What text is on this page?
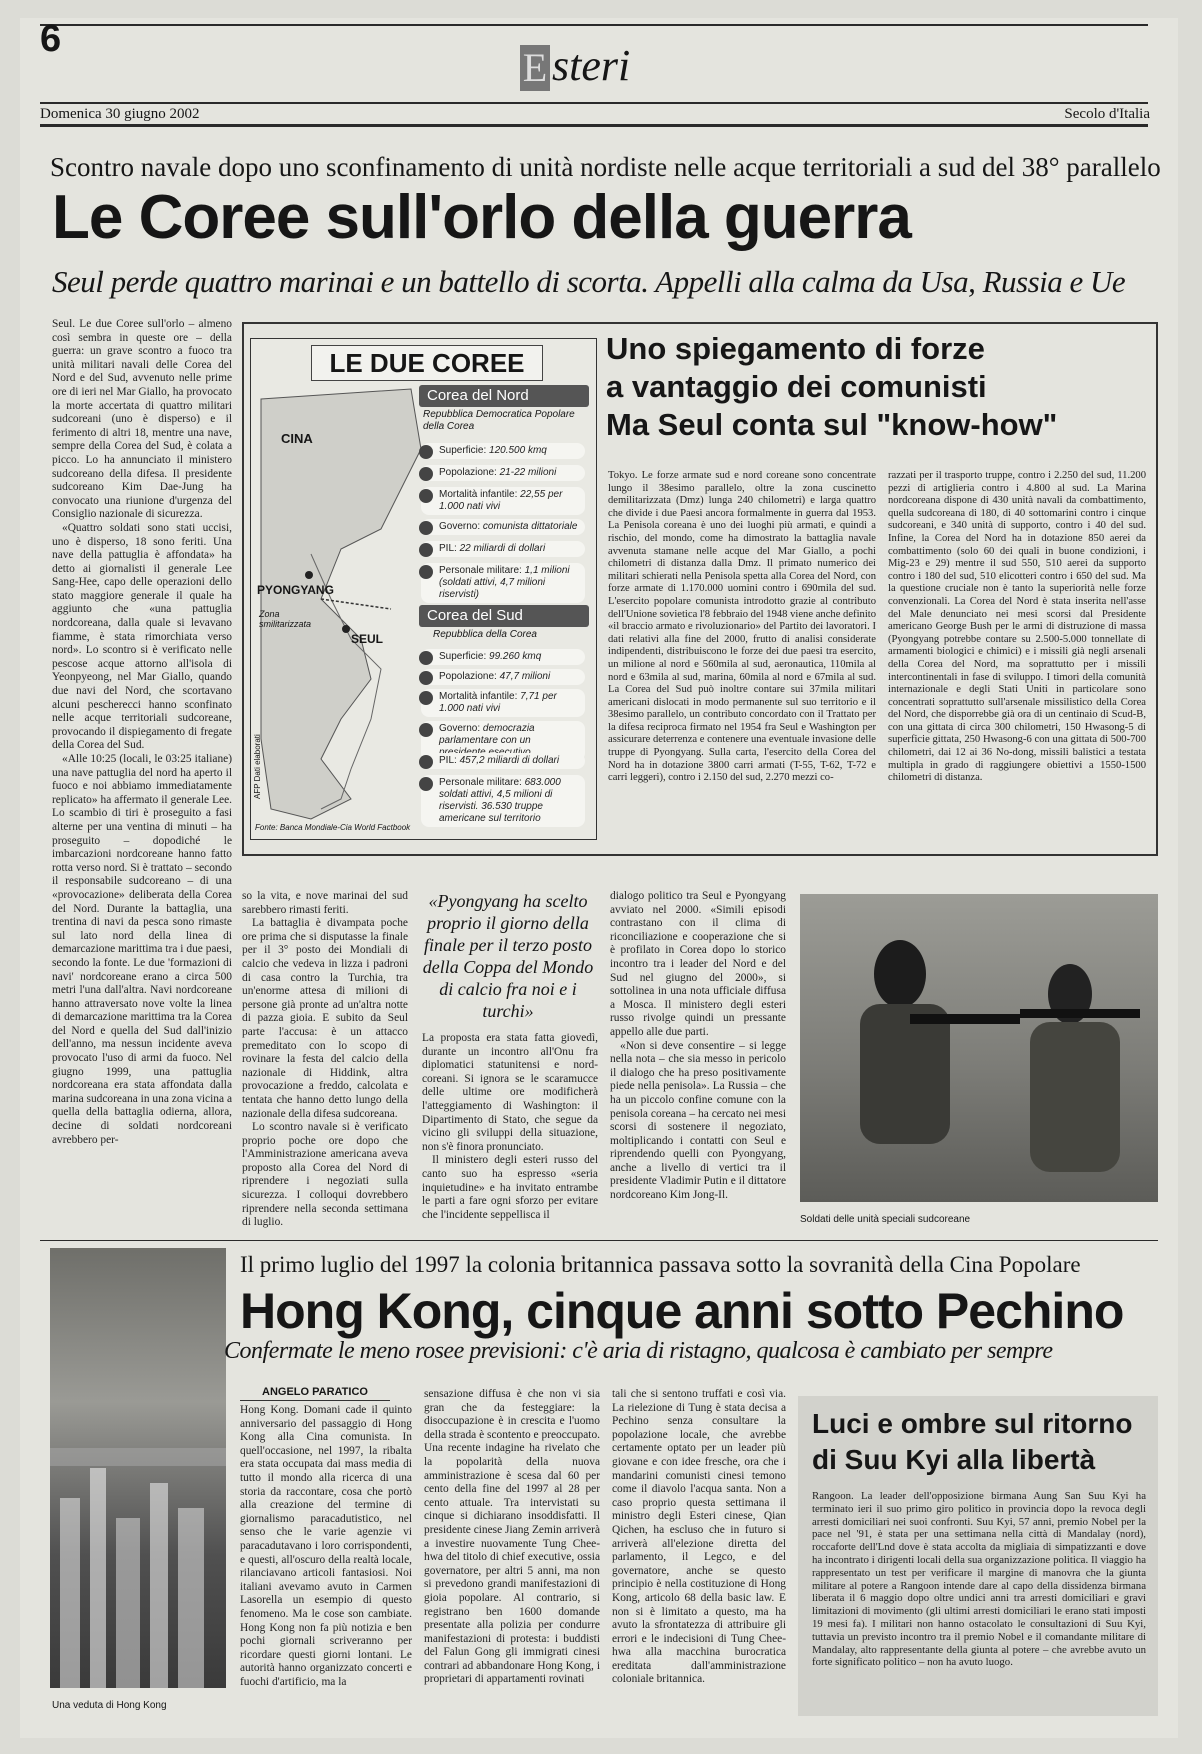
6
E steri
Domenica 30 giugno 2002	Secolo d'Italia
Scontro navale dopo uno sconfinamento di unità nordiste nelle acque territoriali a sud del 38° parallelo
Le Coree sull'orlo della guerra
Seul perde quattro marinai e un battello di scorta. Appelli alla calma da Usa, Russia e Ue

Seul. Le due Coree sull'orlo – almeno così sembra in queste ore – della guerra: un grave scontro a fuoco tra unità militari navali delle Corea del Nord e del Sud, avvenuto nelle prime ore di ieri nel Mar Giallo, ha provocato la morte accertata di quattro militari sudcoreani (uno è disperso) e il ferimento di altri 18, mentre una nave, sempre della Corea del Sud, è colata a picco. Lo ha annunciato il ministero sudcoreano della difesa. Il presidente sudcoreano Kim Dae-Jung ha convocato una riunione d'urgenza del Consiglio nazionale di sicurezza.

«Quattro soldati sono stati uccisi, uno è disperso, 18 sono feriti. Una nave della pattuglia è affondata» ha detto ai giornalisti il generale Lee Sang-Hee, capo delle operazioni dello stato maggiore generale il quale ha aggiunto che «una pattuglia nordcoreana, dalla quale si levavano fiamme, è stata rimorchiata verso nord». Lo scontro si è verificato nelle pescose acque attorno all'isola di Yeonpyeong, nel Mar Giallo, quando due navi del Nord, che scortavano alcuni pescherecci hanno sconfinato nelle acque territoriali sudcoreane, provocando il dispiegamento di fregate della Corea del Sud.

«Alle 10:25 (locali, le 03:25 italiane) una nave pattuglia del nord ha aperto il fuoco e noi abbiamo immediatamente replicato» ha affermato il generale Lee. Lo scambio di tiri è proseguito a fasi alterne per una ventina di minuti – ha proseguito – dopodiché le imbarcazioni nordcoreane hanno fatto rotta verso nord. Si è trattato – secondo il responsabile sudcoreano – di una «provocazione» deliberata della Corea del Nord. Durante la battaglia, una trentina di navi da pesca sono rimaste sul lato nord della linea di demarcazione marittima tra i due paesi, secondo la fonte. Le due 'formazioni di navi' nordcoreane erano a circa 500 metri l'una dall'altra. Navi nordcoreane hanno attraversato nove volte la linea di demarcazione marittima tra la Corea del Nord e quella del Sud dall'inizio dell'anno, ma nessun incidente aveva provocato l'uso di armi da fuoco. Nel giugno 1999, una pattuglia nordcoreana era stata affondata dalla marina sudcoreana in una zona vicina a quella della battaglia odierna, allora, decine di soldati nordcoreani avrebbero per-

LE DUE COREE
CINA
PYONGYANG
SEUL
Zona smilitarizzata
AFP Dati elaborati
Fonte: Banca Mondiale-Cia World Factbook
Corea del Nord
Repubblica Democratica Popolare della Corea
Superficie: 120.500 kmq
Popolazione: 21-22 milioni
Mortalità infantile: 22,55 per 1.000 nati vivi
Governo: comunista dittatoriale
PIL: 22 miliardi di dollari
Personale militare: 1,1 milioni (soldati attivi, 4,7 milioni riservisti)
Corea del Sud
Repubblica della Corea
Superficie: 99.260 kmq
Popolazione: 47,7 milioni
Mortalità infantile: 7,71 per 1.000 nati vivi
Governo: democrazia parlamentare con un
PIL: 457,2 miliardi di dollari
Personale militare: 683.000 soldati attivi, 4,5 milioni di riservisti. 36.530 truppe americane sul territorio
Uno spiegamento di forze
a vantaggio dei comunisti
Ma Seul conta sul "know-how"

Tokyo. Le forze armate sud e nord coreane sono concentrate lungo il 38esimo parallelo, oltre la zona cuscinetto demilitarizzata (Dmz) lunga 240 chilometri) e larga quattro che divide i due Paesi ancora formalmente in guerra dal 1953. La Penisola coreana è uno dei luoghi più armati, e quindi a rischio, del mondo, come ha dimostrato la battaglia navale avvenuta stamane nelle acque del Mar Giallo, a pochi chilometri di distanza dalla Dmz. Il primato numerico dei militari schierati nella Penisola spetta alla Corea del Nord, con forze armate di 1.170.000 uomini contro i 690mila del sud. L'esercito popolare comunista introdotto grazie al contributo dell'Unione sovietica l'8 febbraio del 1948 viene anche definito «il braccio armato e rivoluzionario» del Partito dei lavoratori. I dati relativi alla fine del 2000, frutto di analisi considerate indipendenti, distribuiscono le forze dei due paesi tra esercito, un milione al nord e 560mila al sud, aeronautica, 110mila al nord e 63mila al sud, marina, 60mila al nord e 67mila al sud. La Corea del Sud può inoltre contare sui 37mila militari americani dislocati in modo permanente sul suo territorio e il 38esimo parallelo, un contributo concordato con il Trattato per la difesa reciproca firmato nel 1954 fra Seul e Washington per assicurare deterrenza e contenere una eventuale invasione delle truppe di Pyongyang. Sulla carta, l'esercito della Corea del Nord ha in dotazione 3800 carri armati (T-55, T-62, T-72 e carri leggeri), contro i 2.150 del sud, 2.270 mezzi co-

razzati per il trasporto truppe, contro i 2.250 del sud, 11.200 pezzi di artiglieria contro i 4.800 al sud. La Marina nordcoreana dispone di 430 unità navali da combattimento, quella sudcoreana di 180, di 40 sottomarini contro i cinque sudcoreani, e 340 unità di supporto, contro i 40 del sud. Infine, la Corea del Nord ha in dotazione 850 aerei da combattimento (solo 60 dei quali in buone condizioni, i Mig-23 e 29) mentre il sud 550, 510 aerei da supporto contro i 180 del sud, 510 elicotteri contro i 650 del sud. Ma la questione cruciale non è tanto la superiorità nelle forze convenzionali. La Corea del Nord è stata inserita nell'asse del Male denunciato nei mesi scorsi dal Presidente americano George Bush per le armi di distruzione di massa (Pyongyang potrebbe contare su 2.500-5.000 tonnellate di armamenti biologici e chimici) e i missili già negli arsenali della Corea del Nord, ma soprattutto per i missili intercontinentali in fase di sviluppo. I timori della comunità internazionale e degli Stati Uniti in particolare sono concentrati soprattutto sull'arsenale missilistico della Corea del Nord, che disporrebbe già ora di un centinaio di Scud-B, con una gittata di circa 300 chilometri, 150 Hwasong-5 di superficie gittata, 250 Hwasong-6 con una gittata di 500-700 chilometri, dai 12 ai 36 No-dong, missili balistici a testata multipla in grado di raggiungere obiettivi a 1550-1500 chilometri di distanza.

so la vita, e nove marinai del sud sarebbero rimasti feriti.

La battaglia è divampata poche ore prima che si disputasse la finale per il 3° posto dei Mondiali di calcio che vedeva in lizza i padroni di casa contro la Turchia, tra un'enorme attesa di milioni di persone già pronte ad un'altra notte di pazza gioia. E subito da Seul parte l'accusa: è un attacco premeditato con lo scopo di rovinare la festa del calcio della nazionale di Hiddink, altra provocazione a freddo, calcolata e tentata che hanno detto lungo della nazionale della difesa sudcoreana.

Lo scontro navale si è verificato proprio poche ore dopo che l'Amministrazione americana aveva proposto alla Corea del Nord di riprendere i negoziati sulla sicurezza. I colloqui dovrebbero riprendere nella seconda settimana di luglio.

«Pyongyang ha scelto proprio il giorno della finale per il terzo posto della Coppa del Mondo di calcio fra noi e i turchi»

La proposta era stata fatta giovedì, durante un incontro all'Onu fra diplomatici statunitensi e nord-coreani. Si ignora se le scaramucce delle ultime ore modificherà l'atteggiamento di Washington: il Dipartimento di Stato, che segue da vicino gli sviluppi della situazione, non s'è finora pronunciato.

Il ministero degli esteri russo del canto suo ha espresso «seria inquietudine» e ha invitato entrambe le parti a fare ogni sforzo per evitare che l'incidente seppellisca il

dialogo politico tra Seul e Pyongyang avviato nel 2000. «Simili episodi contrastano con il clima di riconciliazione e cooperazione che si è profilato in Corea dopo lo storico incontro tra i leader del Nord e del Sud nel giugno del 2000», si sottolinea in una nota ufficiale diffusa a Mosca. Il ministero degli esteri russo rivolge quindi un pressante appello alle due parti.

«Non si deve consentire – si legge nella nota – che sia messo in pericolo il dialogo che ha preso positivamente piede nella penisola». La Russia – che ha un piccolo confine comune con la penisola coreana – ha cercato nei mesi scorsi di sostenere il negoziato, moltiplicando i contatti con Seul e riprendendo quelli con Pyongyang, anche a livello di vertici tra il presidente Vladimir Putin e il dittatore nordcoreano Kim Jong-Il.

Soldati delle unità speciali sudcoreane
Una veduta di Hong Kong
Il primo luglio del 1997 la colonia britannica passava sotto la sovranità della Cina Popolare
Hong Kong, cinque anni sotto Pechino
Confermate le meno rosee previsioni: c'è aria di ristagno, qualcosa è cambiato per sempre
ANGELO PARATICO

Hong Kong. Domani cade il quinto anniversario del passaggio di Hong Kong alla Cina comunista. In quell'occasione, nel 1997, la ribalta era stata occupata dai mass media di tutto il mondo alla ricerca di una storia da raccontare, cosa che portò alla creazione del termine di giornalismo paracadutistico, nel senso che le varie agenzie vi paracadutavano i loro corrispondenti, e questi, all'oscuro della realtà locale, rilanciavano articoli fantasiosi. Noi italiani avevamo avuto in Carmen Lasorella un esempio di questo fenomeno. Ma le cose son cambiate. Hong Kong non fa più notizia e ben pochi giornali scriveranno per ricordare questi giorni lontani. Le autorità hanno organizzato concerti e fuochi d'artificio, ma la

sensazione diffusa è che non vi sia gran che da festeggiare: la disoccupazione è in crescita e l'uomo della strada è scontento e preoccupato. Una recente indagine ha rivelato che la popolarità della nuova amministrazione è scesa dal 60 per cento della fine del 1997 al 28 per cento attuale. Tra intervistati su cinque si dichiarano insoddisfatti. Il presidente cinese Jiang Zemin arriverà a investire nuovamente Tung Chee-hwa del titolo di chief executive, ossia governatore, per altri 5 anni, ma non si prevedono grandi manifestazioni di gioia popolare. Al contrario, si registrano ben 1600 domande presentate alla polizia per condurre manifestazioni di protesta: i buddisti del Falun Gong gli immigrati cinesi contrari ad abbandonare Hong Kong, i proprietari di appartamenti rovinati

tali che si sentono truffati e così via. La rielezione di Tung è stata decisa a Pechino senza consultare la popolazione locale, che avrebbe certamente optato per un leader più giovane e con idee fresche, ora che i mandarini comunisti cinesi temono come il diavolo l'acqua santa. Non a caso proprio questa settimana il ministro degli Esteri cinese, Qian Qichen, ha escluso che in futuro si arriverà all'elezione diretta del parlamento, il Legco, e del governatore, anche se questo principio è nella costituzione di Hong Kong, articolo 68 della basic law. E non si è limitato a questo, ma ha avuto la sfrontatezza di attribuire gli errori e le indecisioni di Tung Chee-hwa alla macchina burocratica ereditata dall'amministrazione coloniale britannica.

Luci e ombre sul ritorno
di Suu Kyi alla libertà

Rangoon. La leader dell'opposizione birmana Aung San Suu Kyi ha terminato ieri il suo primo giro politico in provincia dopo la revoca degli arresti domiciliari nei suoi confronti. Suu Kyi, 57 anni, premio Nobel per la pace nel '91, è stata per una settimana nella città di Mandalay (nord), roccaforte dell'Lnd dove è stata accolta da migliaia di simpatizzanti e dove ha incontrato i dirigenti locali della sua organizzazione politica. Il viaggio ha rappresentato un test per verificare il margine di manovra che la giunta militare al potere a Rangoon intende dare al capo della dissidenza birmana liberata il 6 maggio dopo oltre undici anni tra arresti domiciliari e gravi limitazioni di movimento (gli ultimi arresti domiciliari le erano stati imposti 19 mesi fa). I militari non hanno ostacolato le consultazioni di Suu Kyi, tuttavia un previsto incontro tra il premio Nobel e il comandante militare di Mandalay, alto rappresentante della giunta al potere – che avrebbe avuto un forte significato politico – non ha avuto luogo.
